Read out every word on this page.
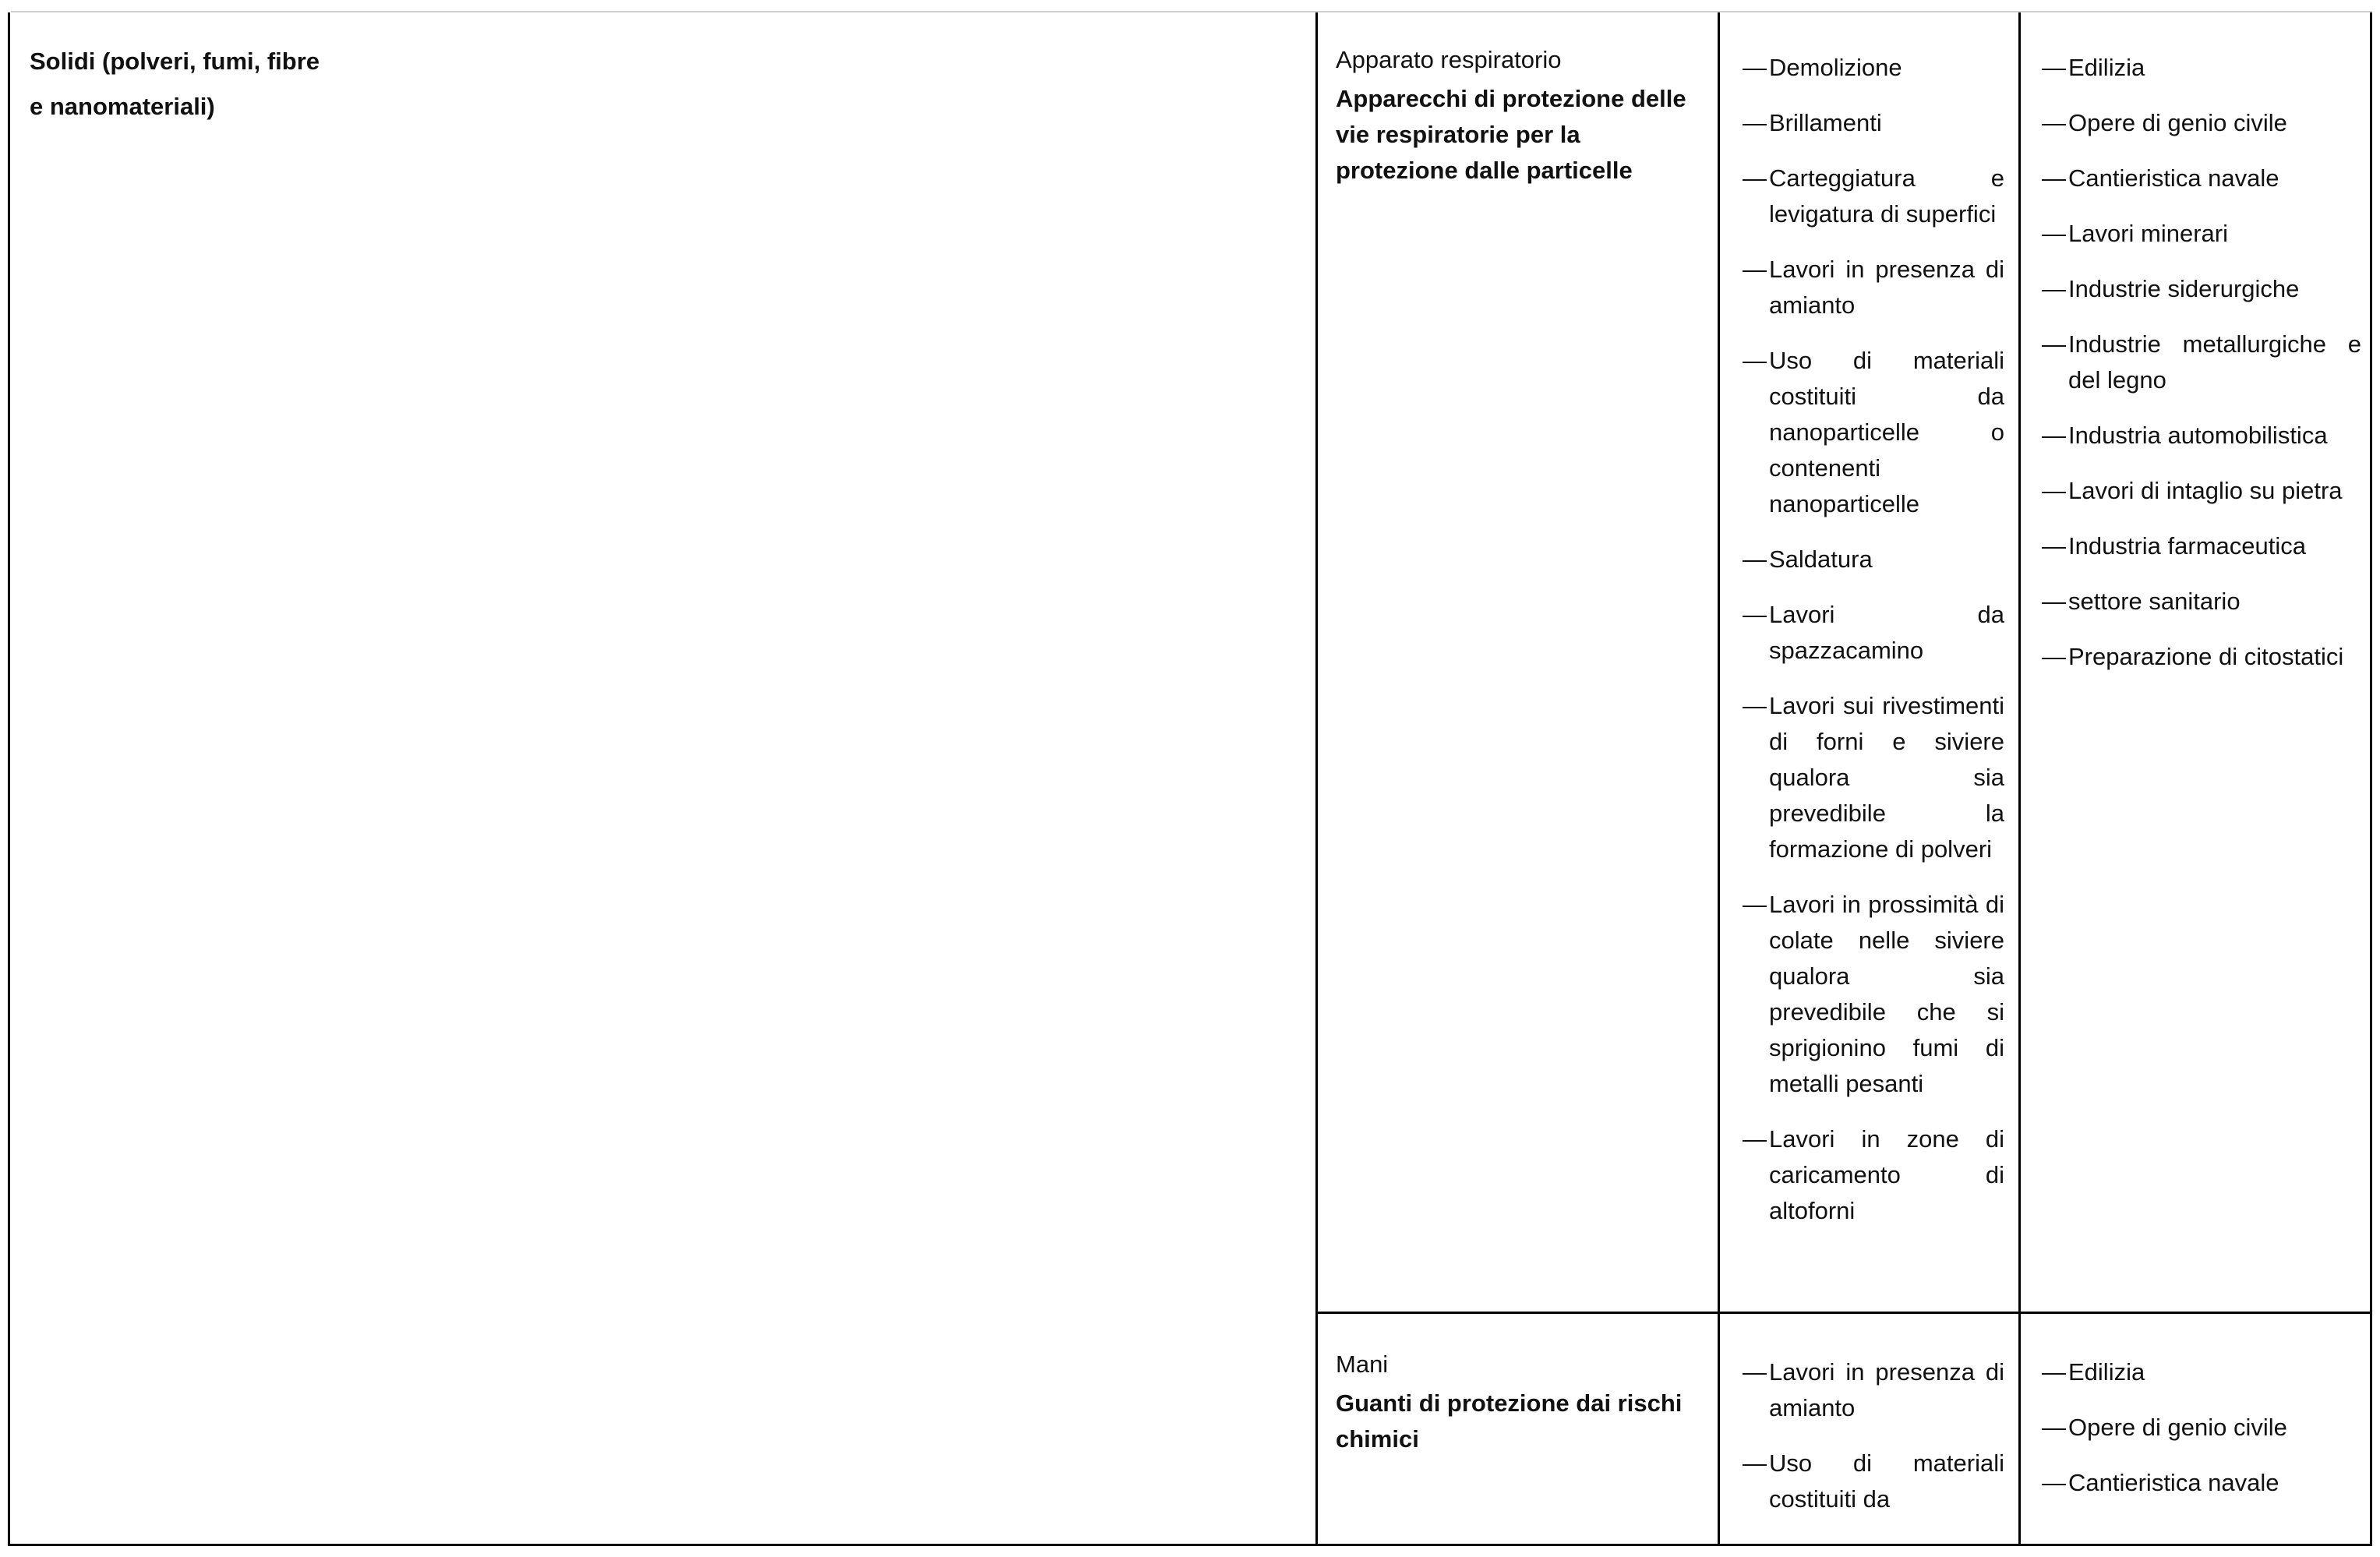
Solidi (polveri, fumi, fibre
e nanomateriali)
Apparato respiratorio
Apparecchi di protezione delle vie respiratorie per la protezione dalle particelle
— Demolizione
— Brillamenti
— Carteggiatura e levigatura di superfici
— Lavori in presenza di amianto
— Uso di materiali costituiti da nanoparticelle o contenenti nanoparticelle
— Saldatura
— Lavori da spazzacamino
— Lavori sui rivestimenti di forni e siviere qualora sia prevedibile la formazione di polveri
— Lavori in prossimità di colate nelle siviere qualora sia prevedibile che si sprigionino fumi di metalli pesanti
— Lavori in zone di caricamento di altoforni
— Edilizia
— Opere di genio civile
— Cantieristica navale
— Lavori minerari
— Industrie siderurgiche
— Industrie metallurgiche e del legno
— Industria automobilistica
— Lavori di intaglio su pietra
— Industria farmaceutica
— settore sanitario
— Preparazione di citostatici
Mani
Guanti di protezione dai rischi chimici
— Lavori in presenza di amianto
— Uso di materiali costituiti da
— Edilizia
— Opere di genio civile
— Cantieristica navale
